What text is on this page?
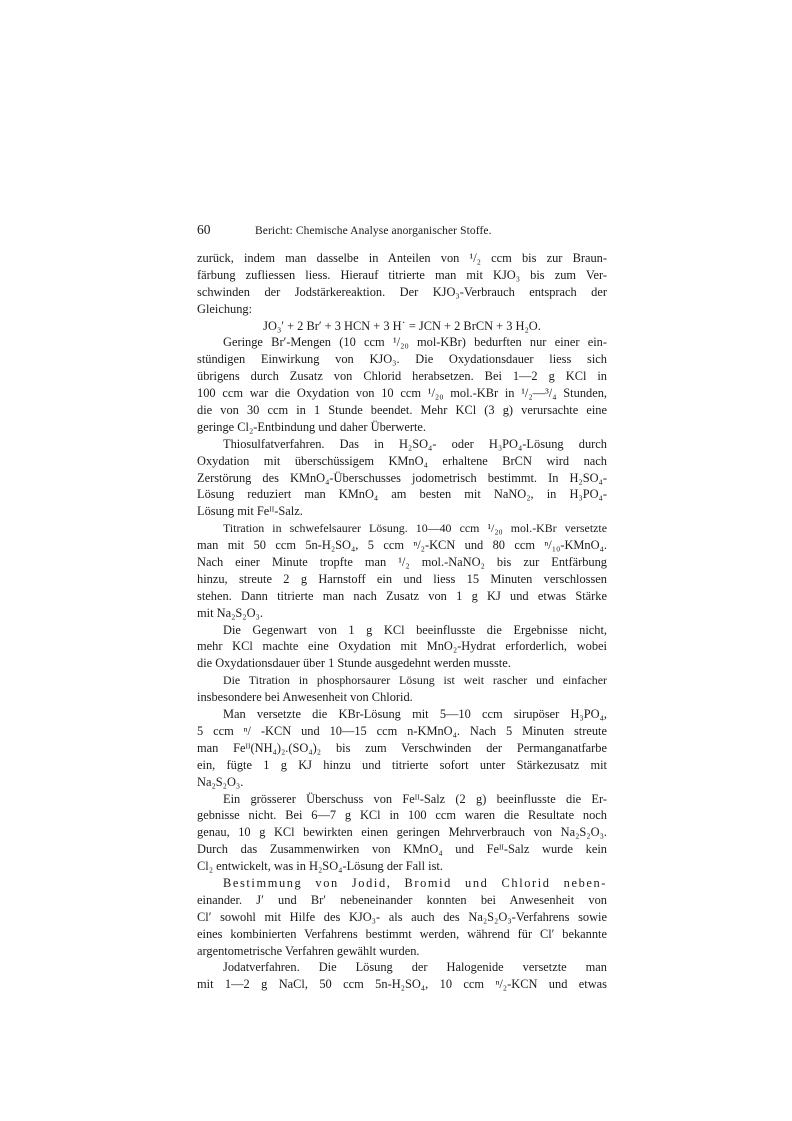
60	Bericht: Chemische Analyse anorganischer Stoffe.
zurück, indem man dasselbe in Anteilen von ¹/₂ ccm bis zur Braun-
färbung zufliessen liess. Hierauf titrierte man mit KJO₃ bis zum Ver-
schwinden der Jodstärkereaktion. Der KJO₃-Verbrauch entsprach der
Gleichung:
JO₃′ + 2 Br′ + 3 HCN + 3 H˙ = JCN + 2 BrCN + 3 H₂O.
Geringe Br′-Mengen (10 ccm ¹/₂₀ mol-KBr) bedurften nur einer ein-
stündigen Einwirkung von KJO₃. Die Oxydationsdauer liess sich
übrigens durch Zusatz von Chlorid herabsetzen. Bei 1—2 g KCl in
100 ccm war die Oxydation von 10 ccm ¹/₂₀ mol.-KBr in ¹/₂—³/₄ Stunden,
die von 30 ccm in 1 Stunde beendet. Mehr KCl (3 g) verursachte eine
geringe Cl₂-Entbindung und daher Überwerte.
Thiosulfatverfahren. Das in H₂SO₄- oder H₃PO₄-Lösung durch
Oxydation mit überschüssigem KMnO₄ erhaltene BrCN wird nach
Zerstörung des KMnO₄-Überschusses jodometrisch bestimmt. In H₂SO₄-
Lösung reduziert man KMnO₄ am besten mit NaNO₂, in H₃PO₄-
Lösung mit Feᴵᴵ-Salz.
Titration in schwefelsaurer Lösung. 10—40 ccm ¹/₂₀ mol.-KBr versetzte
man mit 50 ccm 5n-H₂SO₄, 5 ccm ⁿ/₂-KCN und 80 ccm ⁿ/₁₀-KMnO₄.
Nach einer Minute tropfte man ¹/₂ mol.-NaNO₂ bis zur Entfärbung
hinzu, streute 2 g Harnstoff ein und liess 15 Minuten verschlossen
stehen. Dann titrierte man nach Zusatz von 1 g KJ und etwas Stärke
mit Na₂S₂O₃.
Die Gegenwart von 1 g KCl beeinflusste die Ergebnisse nicht,
mehr KCl machte eine Oxydation mit MnO₂-Hydrat erforderlich, wobei
die Oxydationsdauer über 1 Stunde ausgedehnt werden musste.
Die Titration in phosphorsaurer Lösung ist weit rascher und einfacher
insbesondere bei Anwesenheit von Chlorid.
Man versetzte die KBr-Lösung mit 5—10 ccm sirupöser H₃PO₄,
5 ccm ⁿ/ -KCN und 10—15 ccm n-KMnO₄. Nach 5 Minuten streute
man Feᴵᴵ(NH₄)₂.(SO₄)₂ bis zum Verschwinden der Permanganatfarbe
ein, fügte 1 g KJ hinzu und titrierte sofort unter Stärkezusatz mit
Na₂S₂O₃.
Ein grösserer Überschuss von Feᴵᴵ-Salz (2 g) beeinflusste die Er-
gebnisse nicht. Bei 6—7 g KCl in 100 ccm waren die Resultate noch
genau, 10 g KCl bewirkten einen geringen Mehrverbrauch von Na₂S₂O₃.
Durch das Zusammenwirken von KMnO₄ und Feᴵᴵ-Salz wurde kein
Cl₂ entwickelt, was in H₂SO₄-Lösung der Fall ist.
Bestimmung von Jodid, Bromid und Chlorid neben-
einander. J′ und Br′ nebeneinander konnten bei Anwesenheit von
Cl′ sowohl mit Hilfe des KJO₃- als auch des Na₂S₂O₃-Verfahrens sowie
eines kombinierten Verfahrens bestimmt werden, während für Cl′ bekannte
argentometrische Verfahren gewählt wurden.
Jodatverfahren. Die Lösung der Halogenide versetzte man
mit 1—2 g NaCl, 50 ccm 5n-H₂SO₄, 10 ccm ⁿ/₂-KCN und etwas
